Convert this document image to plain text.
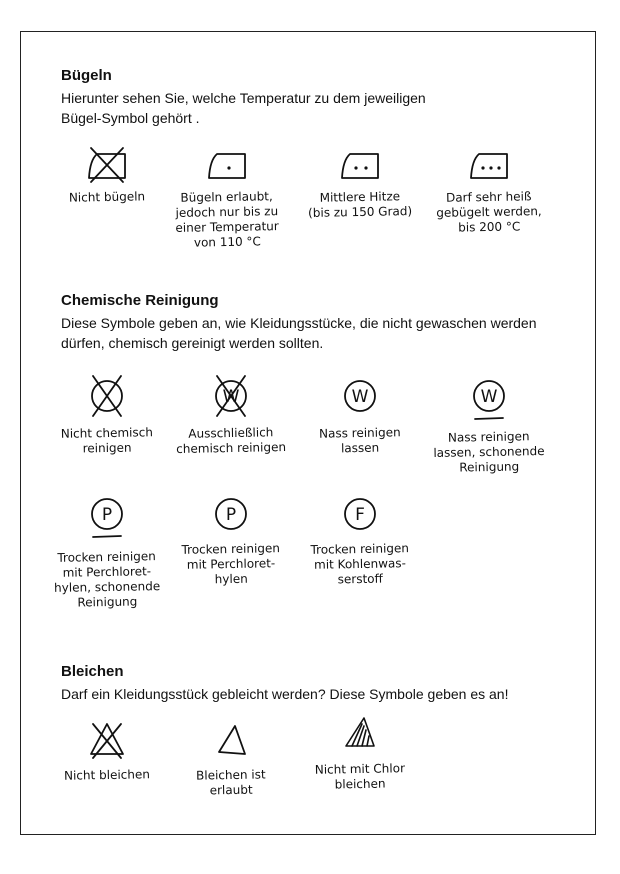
Bügeln

Hierunter sehen Sie, welche Temperatur zu dem jeweiligen
Bügel-Symbol gehört .

Nicht bügeln	Bügeln erlaubt,
jedoch nur bis zu
einer Temperatur
von 110 °C
Mittlere Hitze
(bis zu 150 Grad)
Darf sehr heiß
gebügelt werden,
bis 200 °C
Chemische Reinigung

Diese Symbole geben an, wie Kleidungsstücke, die nicht gewaschen werden
dürfen, chemisch gereinigt werden sollten.

Nicht chemisch
reinigen
W
Ausschließlich
chemisch reinigen
W
Nass reinigen
lassen
W
Nass reinigen
lassen, schonende
Reinigung
P
Trocken reinigen
mit Perchloret-
hylen, schonende
Reinigung
P
Trocken reinigen
mit Perchloret-
hylen
F
Trocken reinigen
mit Kohlenwas-
serstoff
Bleichen

Darf ein Kleidungsstück gebleicht werden? Diese Symbole geben es an!

Nicht bleichen	Bleichen ist
erlaubt
Nicht mit Chlor
bleichen
